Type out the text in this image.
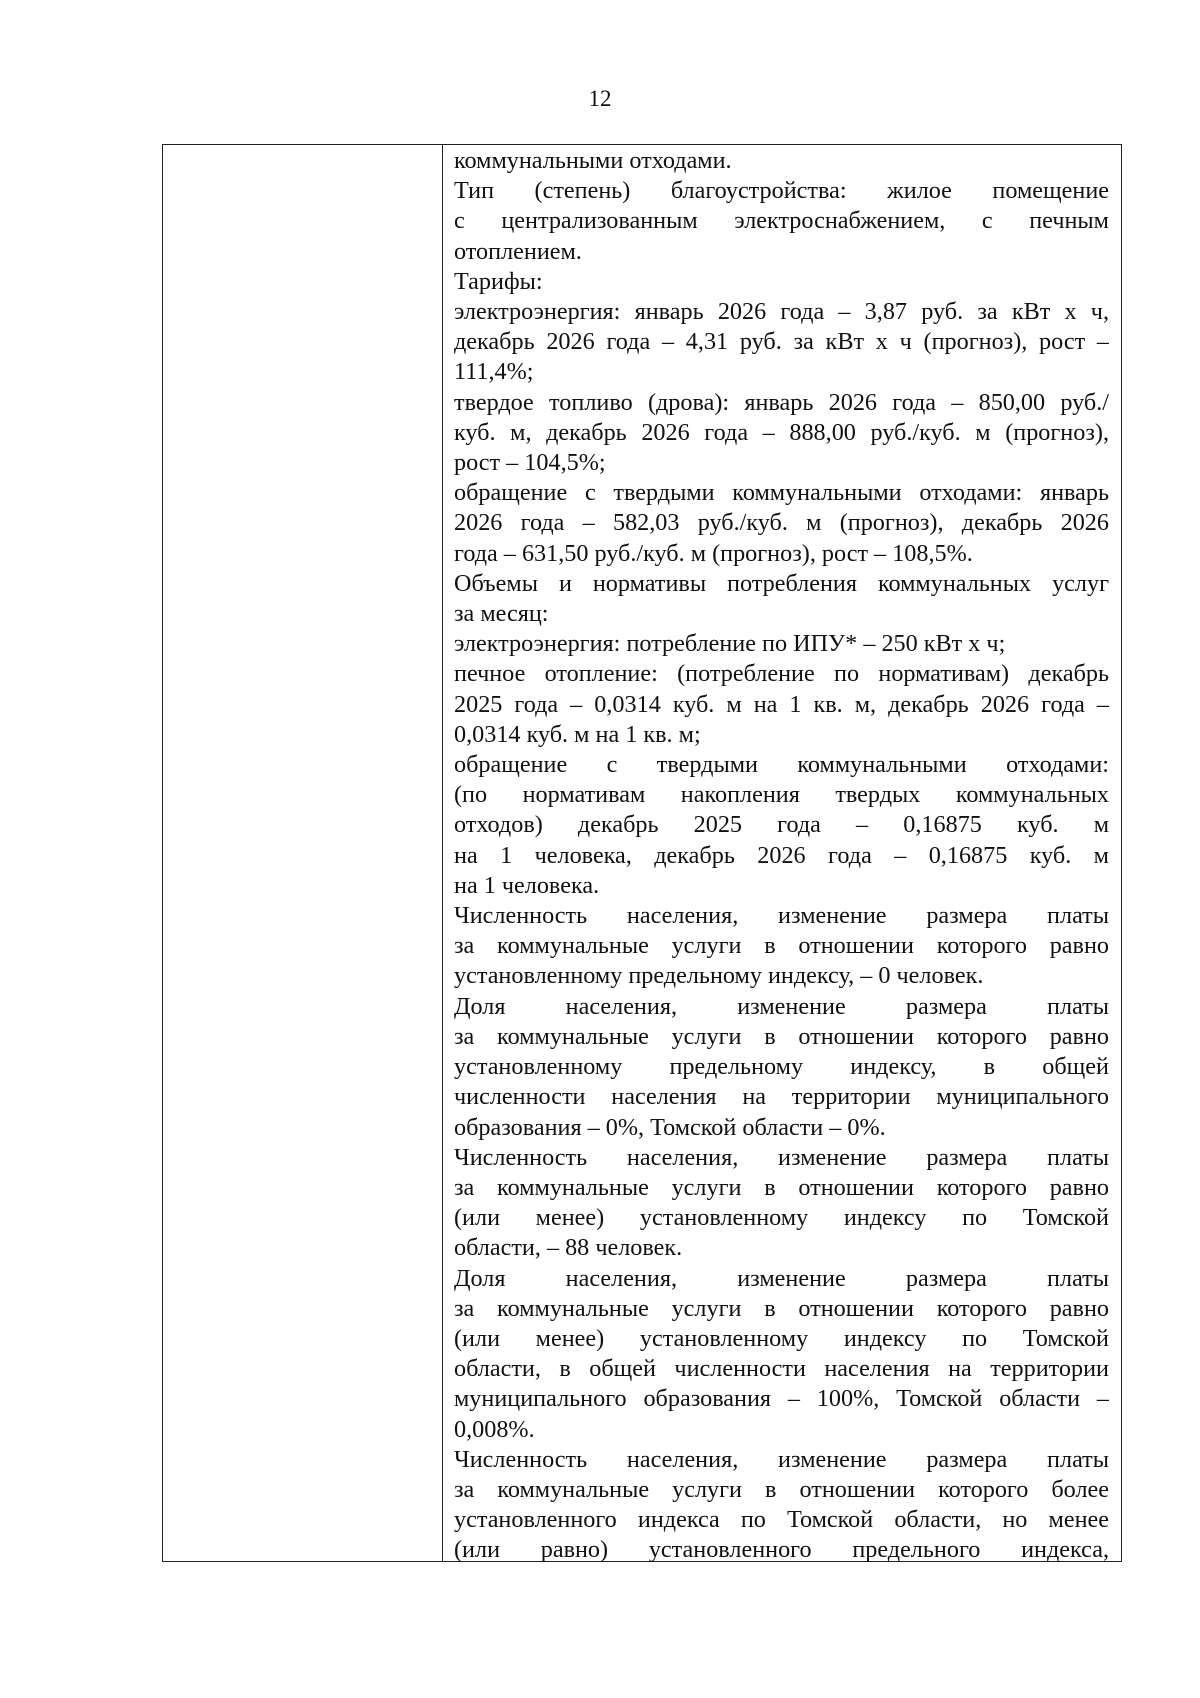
12
коммунальными отходами.
Тип (степень) благоустройства: жилое помещение
с централизованным электроснабжением, с печным
отоплением.
Тарифы:
электроэнергия: январь 2026 года – 3,87 руб. за кВт х ч,
декабрь 2026 года – 4,31 руб. за кВт х ч (прогноз), рост –
111,4%;
твердое топливо (дрова): январь 2026 года – 850,00 руб./
куб. м, декабрь 2026 года – 888,00 руб./куб. м (прогноз),
рост – 104,5%;
обращение с твердыми коммунальными отходами: январь
2026 года – 582,03 руб./куб. м (прогноз), декабрь 2026
года – 631,50 руб./куб. м (прогноз), рост – 108,5%.
Объемы и нормативы потребления коммунальных услуг
за месяц:
электроэнергия: потребление по ИПУ* – 250 кВт х ч;
печное отопление: (потребление по нормативам) декабрь
2025 года – 0,0314 куб. м на 1 кв. м, декабрь 2026 года –
0,0314 куб. м на 1 кв. м;
обращение с твердыми коммунальными отходами:
(по нормативам накопления твердых коммунальных
отходов) декабрь 2025 года – 0,16875 куб. м
на 1 человека, декабрь 2026 года – 0,16875 куб. м
на 1 человека.
Численность населения, изменение размера платы
за коммунальные услуги в отношении которого равно
установленному предельному индексу, – 0 человек.
Доля населения, изменение размера платы
за коммунальные услуги в отношении которого равно
установленному предельному индексу, в общей
численности населения на территории муниципального
образования – 0%, Томской области – 0%.
Численность населения, изменение размера платы
за коммунальные услуги в отношении которого равно
(или менее) установленному индексу по Томской
области, – 88 человек.
Доля населения, изменение размера платы
за коммунальные услуги в отношении которого равно
(или менее) установленному индексу по Томской
области, в общей численности населения на территории
муниципального образования – 100%, Томской области –
0,008%.
Численность населения, изменение размера платы
за коммунальные услуги в отношении которого более
установленного индекса по Томской области, но менее
(или равно) установленного предельного индекса,
